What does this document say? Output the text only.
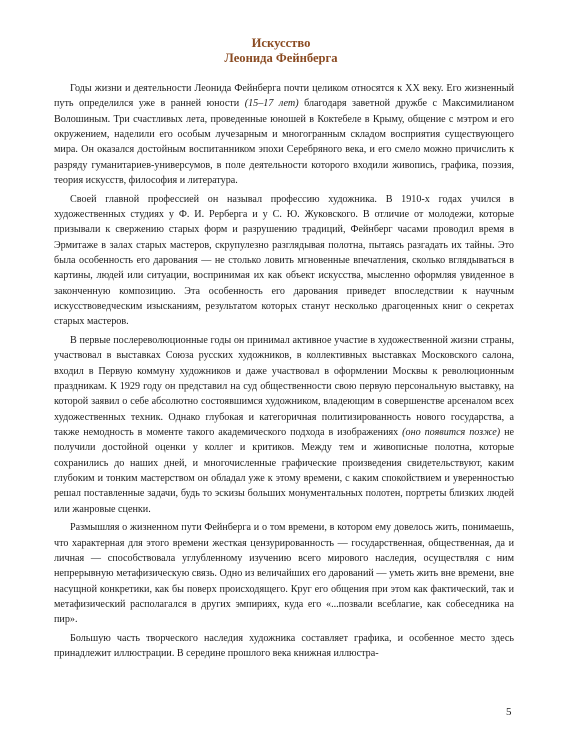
Искусство
Леонида Фейнберга

Годы жизни и деятельности Леонида Фейнберга почти целиком относятся к XX веку. Его жизненный путь определился уже в ранней юности (15–17 лет) благодаря заветной дружбе с Максимилианом Волошиным. Три счастливых лета, проведенные юношей в Коктебеле в Крыму, общение с мэтром и его окружением, наделили его особым лучезарным и многогранным складом восприятия существующего мира. Он оказался достойным воспитанником эпохи Серебряного века, и его смело можно причислить к разряду гуманитариев-универсумов, в поле деятельности которого входили живопись, графика, поэзия, теория искусств, философия и литература.

Своей главной профессией он называл профессию художника. В 1910-х годах учился в художественных студиях у Ф. И. Рерберга и у С. Ю. Жуковского. В отличие от молодежи, которые призывали к свержению старых форм и разрушению традиций, Фейнберг часами проводил время в Эрмитаже в залах старых мастеров, скрупулезно разглядывая полотна, пытаясь разгадать их тайны. Это была особенность его дарования — не столько ловить мгновенные впечатления, сколько вглядываться в картины, людей или ситуации, воспринимая их как объект искусства, мысленно оформляя увиденное в законченную композицию. Эта особенность его дарования приведет впоследствии к научным искусствоведческим изысканиям, результатом которых станут несколько драгоценных книг о секретах старых мастеров.

В первые послереволюционные годы он принимал активное участие в художественной жизни страны, участвовал в выставках Союза русских художников, в коллективных выставках Московского салона, входил в Первую коммуну художников и даже участвовал в оформлении Москвы к революционным праздникам. К 1929 году он представил на суд общественности свою первую персональную выставку, на которой заявил о себе абсолютно состоявшимся художником, владеющим в совершенстве арсеналом всех художественных техник. Однако глубокая и категоричная политизированность нового государства, а также немодность в моменте такого академического подхода в изображениях (оно появится позже) не получили достойной оценки у коллег и критиков. Между тем и живописные полотна, которые сохранились до наших дней, и многочисленные графические произведения свидетельствуют, каким глубоким и тонким мастерством он обладал уже к этому времени, с каким спокойствием и уверенностью решал поставленные задачи, будь то эскизы больших монументальных полотен, портреты близких людей или жанровые сценки.

Размышляя о жизненном пути Фейнберга и о том времени, в котором ему довелось жить, понимаешь, что характерная для этого времени жесткая цензурированность — государственная, общественная, да и личная — способствовала углубленному изучению всего мирового наследия, осуществляя с ним непрерывную метафизическую связь. Одно из величайших его дарований — уметь жить вне времени, вне насущной конкретики, как бы поверх происходящего. Круг его общения при этом как фактический, так и метафизический располагался в других эмпириях, куда его «...позвали всеблагие, как собеседника на пир».

Большую часть творческого наследия художника составляет графика, и особенное место здесь принадлежит иллюстрации. В середине прошлого века книжная иллюстра-

5
